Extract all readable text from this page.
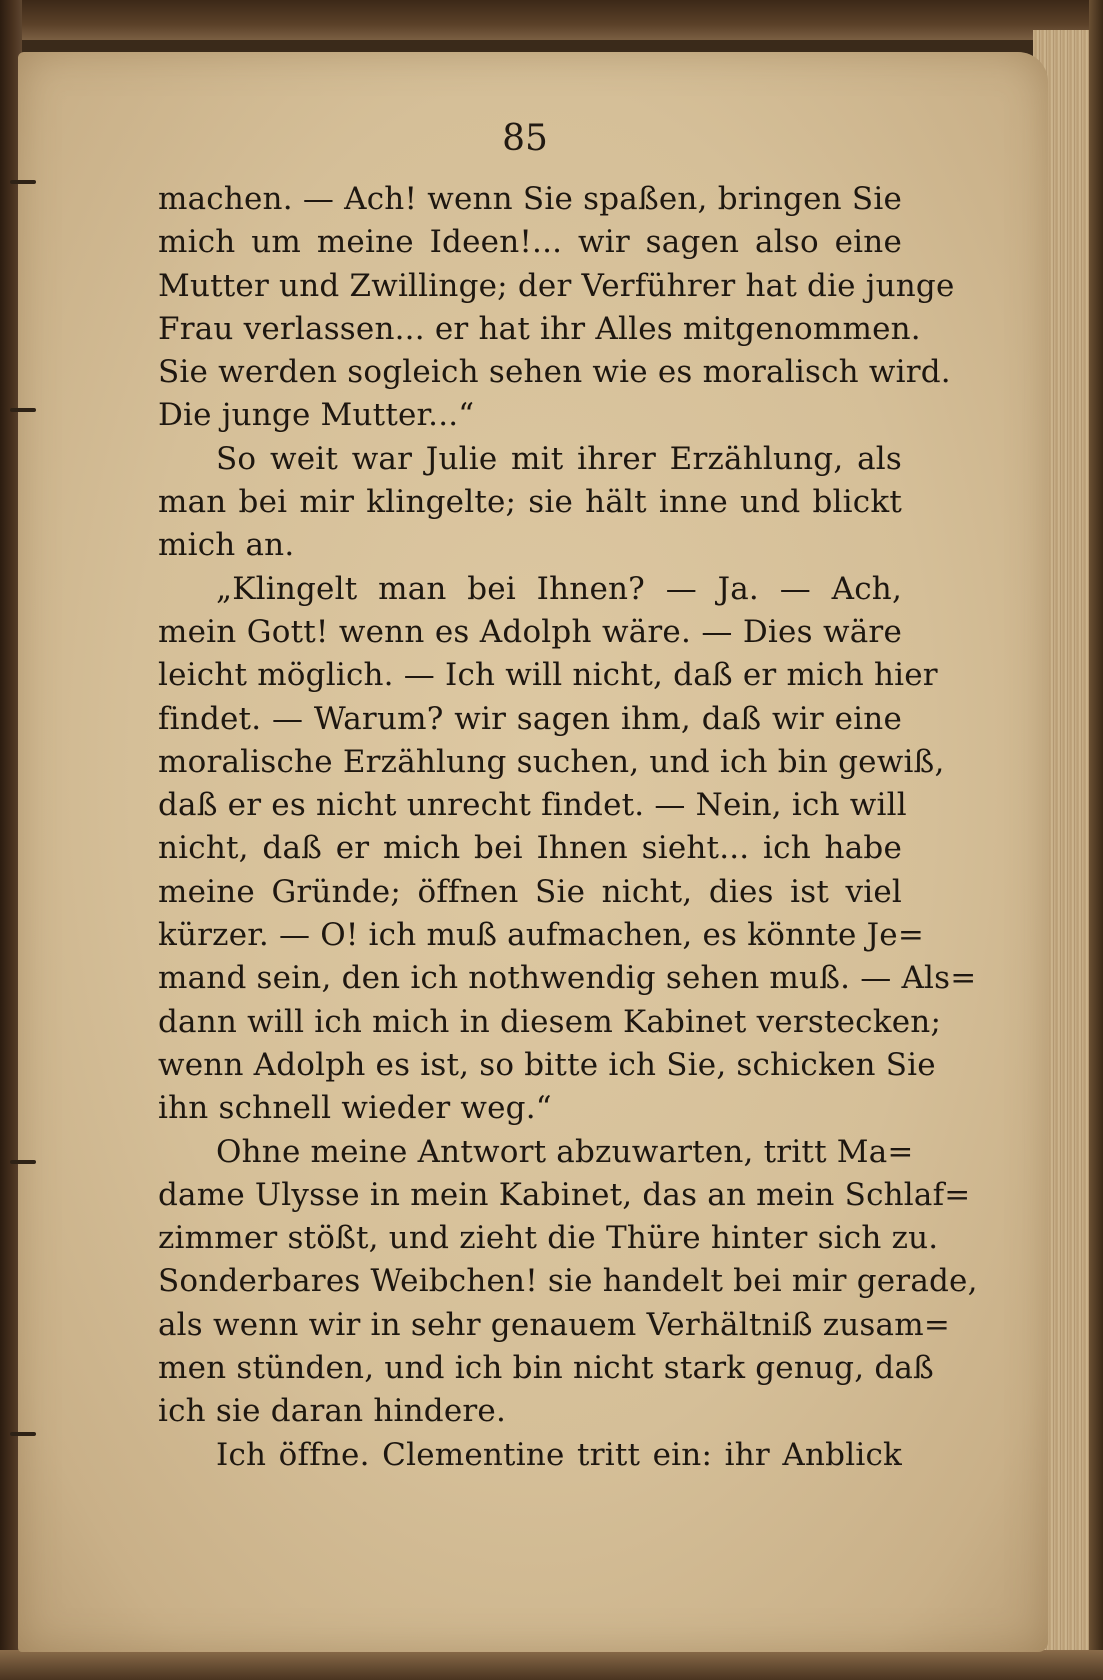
85
machen. — Ach! wenn Sie spaßen, bringen Sie
mich um meine Ideen!... wir sagen also eine
Mutter und Zwillinge; der Verführer hat die junge
Frau verlassen... er hat ihr Alles mitgenommen.
Sie werden sogleich sehen wie es moralisch wird.
Die junge Mutter...“
So weit war Julie mit ihrer Erzählung, als
man bei mir klingelte; sie hält inne und blickt
mich an.
„Klingelt man bei Ihnen? — Ja. — Ach,
mein Gott! wenn es Adolph wäre. — Dies wäre
leicht möglich. — Ich will nicht, daß er mich hier
findet. — Warum? wir sagen ihm, daß wir eine
moralische Erzählung suchen, und ich bin gewiß,
daß er es nicht unrecht findet. — Nein, ich will
nicht, daß er mich bei Ihnen sieht... ich habe
meine Gründe; öffnen Sie nicht, dies ist viel
kürzer. — O! ich muß aufmachen, es könnte Je=
mand sein, den ich nothwendig sehen muß. — Als=
dann will ich mich in diesem Kabinet verstecken;
wenn Adolph es ist, so bitte ich Sie, schicken Sie
ihn schnell wieder weg.“
Ohne meine Antwort abzuwarten, tritt Ma=
dame Ulysse in mein Kabinet, das an mein Schlaf=
zimmer stößt, und zieht die Thüre hinter sich zu.
Sonderbares Weibchen! sie handelt bei mir gerade,
als wenn wir in sehr genauem Verhältniß zusam=
men stünden, und ich bin nicht stark genug, daß
ich sie daran hindere.
Ich öffne. Clementine tritt ein: ihr Anblick
